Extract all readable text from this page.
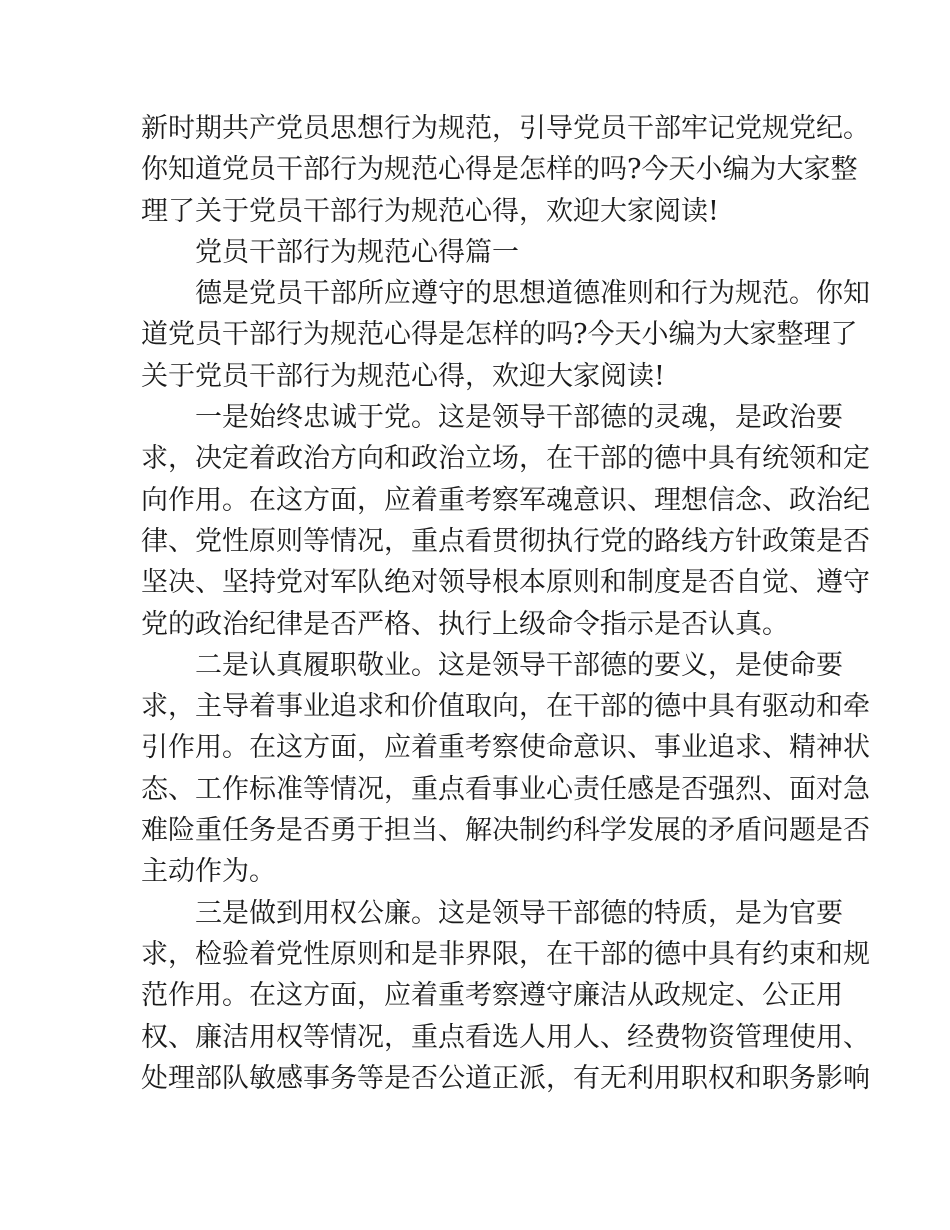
新时期共产党员思想行为规范，引导党员干部牢记党规党纪。
你知道党员干部行为规范心得是怎样的吗?今天小编为大家整
理了关于党员干部行为规范心得，欢迎大家阅读!
党员干部行为规范心得篇一
德是党员干部所应遵守的思想道德准则和行为规范。你知
道党员干部行为规范心得是怎样的吗?今天小编为大家整理了
关于党员干部行为规范心得，欢迎大家阅读!
一是始终忠诚于党。这是领导干部德的灵魂，是政治要
求，决定着政治方向和政治立场，在干部的德中具有统领和定
向作用。在这方面，应着重考察军魂意识、理想信念、政治纪
律、党性原则等情况，重点看贯彻执行党的路线方针政策是否
坚决、坚持党对军队绝对领导根本原则和制度是否自觉、遵守
党的政治纪律是否严格、执行上级命令指示是否认真。
二是认真履职敬业。这是领导干部德的要义，是使命要
求，主导着事业追求和价值取向，在干部的德中具有驱动和牵
引作用。在这方面，应着重考察使命意识、事业追求、精神状
态、工作标准等情况，重点看事业心责任感是否强烈、面对急
难险重任务是否勇于担当、解决制约科学发展的矛盾问题是否
主动作为。
三是做到用权公廉。这是领导干部德的特质，是为官要
求，检验着党性原则和是非界限，在干部的德中具有约束和规
范作用。在这方面，应着重考察遵守廉洁从政规定、公正用
权、廉洁用权等情况，重点看选人用人、经费物资管理使用、
处理部队敏感事务等是否公道正派，有无利用职权和职务影响
